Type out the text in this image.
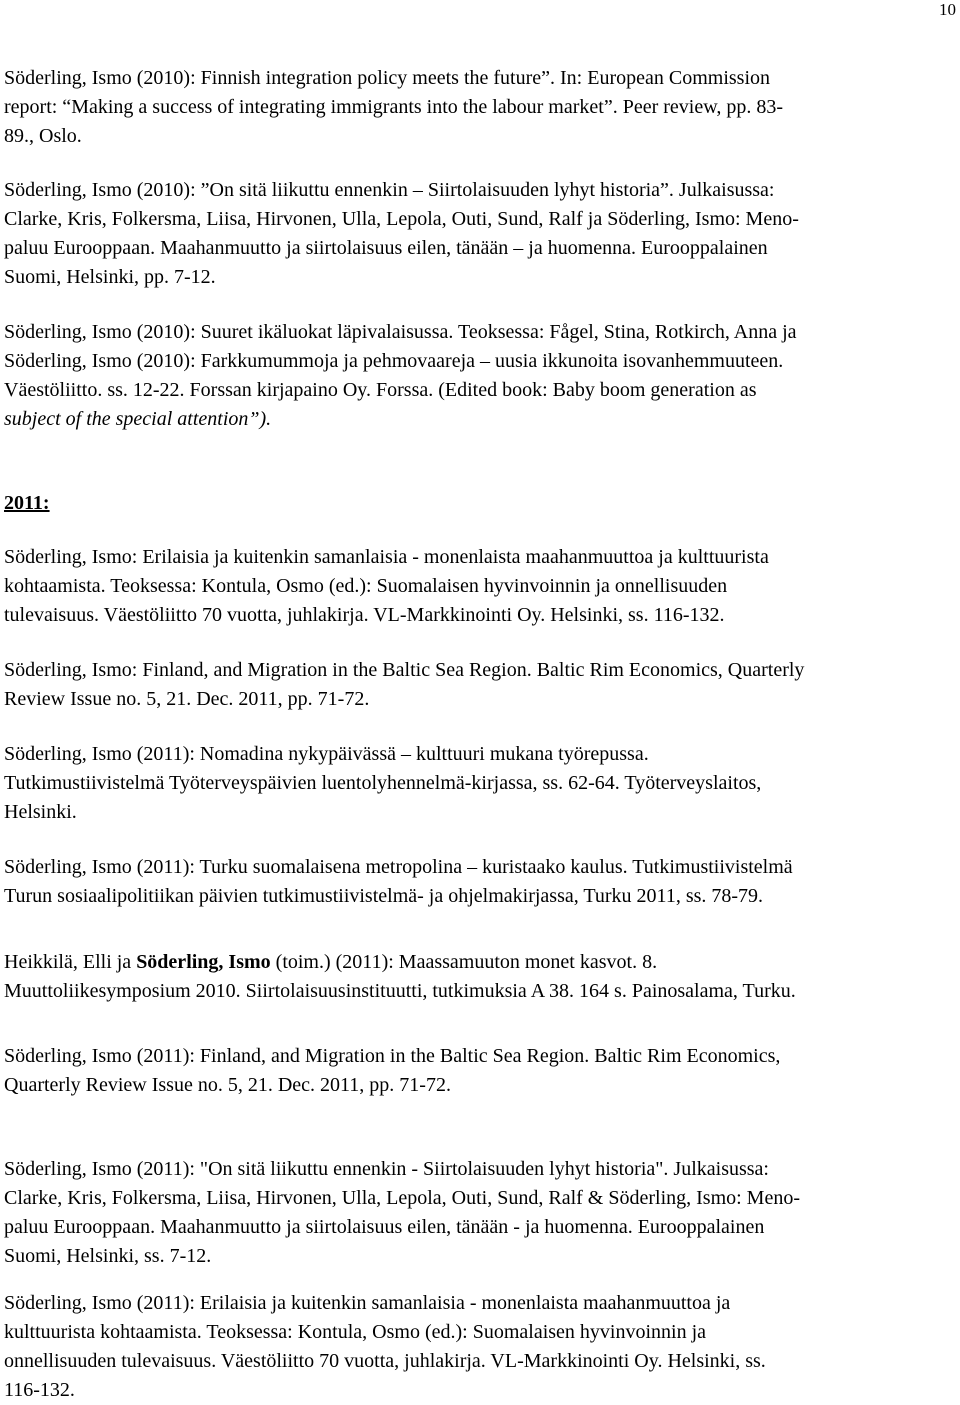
10

Söderling, Ismo (2010): Finnish integration policy meets the future”. In: European Commission
report: “Making a success of integrating immigrants into the labour market”. Peer review, pp. 83-
89., Oslo.

Söderling, Ismo (2010): ”On sitä liikuttu ennenkin – Siirtolaisuuden lyhyt historia”. Julkaisussa:
Clarke, Kris, Folkersma, Liisa, Hirvonen, Ulla, Lepola, Outi, Sund, Ralf ja Söderling, Ismo: Meno-
paluu Eurooppaan. Maahanmuutto ja siirtolaisuus eilen, tänään – ja huomenna. Eurooppalainen
Suomi, Helsinki, pp. 7-12.

Söderling, Ismo (2010): Suuret ikäluokat läpivalaisussa. Teoksessa: Fågel, Stina, Rotkirch, Anna ja
Söderling, Ismo (2010): Farkkumummoja ja pehmovaareja – uusia ikkunoita isovanhemmuuteen.
Väestöliitto. ss. 12-22. Forssan kirjapaino Oy. Forssa. (Edited book: Baby boom generation as
subject of the special attention”).

2011:

Söderling, Ismo: Erilaisia ja kuitenkin samanlaisia - monenlaista maahanmuuttoa ja kulttuurista
kohtaamista. Teoksessa: Kontula, Osmo (ed.): Suomalaisen hyvinvoinnin ja onnellisuuden
tulevaisuus. Väestöliitto 70 vuotta, juhlakirja. VL-Markkinointi Oy. Helsinki, ss. 116-132.

Söderling, Ismo: Finland, and Migration in the Baltic Sea Region. Baltic Rim Economics, Quarterly
Review Issue no. 5, 21. Dec. 2011, pp. 71-72.

Söderling, Ismo (2011): Nomadina nykypäivässä – kulttuuri mukana työrepussa.
Tutkimustiivistelmä Työterveyspäivien luentolyhennelmä-kirjassa, ss. 62-64. Työterveyslaitos,
Helsinki.

Söderling, Ismo (2011): Turku suomalaisena metropolina – kuristaako kaulus. Tutkimustiivistelmä
Turun sosiaalipolitiikan päivien tutkimustiivistelmä- ja ohjelmakirjassa, Turku 2011, ss. 78-79.

Heikkilä, Elli ja Söderling, Ismo (toim.) (2011): Maassamuuton monet kasvot. 8.
Muuttoliikesymposium 2010. Siirtolaisuusinstituutti, tutkimuksia A 38. 164 s. Painosalama, Turku.

Söderling, Ismo (2011): Finland, and Migration in the Baltic Sea Region. Baltic Rim Economics,
Quarterly Review Issue no. 5, 21. Dec. 2011, pp. 71-72.

Söderling, Ismo (2011): "On sitä liikuttu ennenkin - Siirtolaisuuden lyhyt historia". Julkaisussa:
Clarke, Kris, Folkersma, Liisa, Hirvonen, Ulla, Lepola, Outi, Sund, Ralf & Söderling, Ismo: Meno-
paluu Eurooppaan. Maahanmuutto ja siirtolaisuus eilen, tänään - ja huomenna. Eurooppalainen
Suomi, Helsinki, ss. 7-12.

Söderling, Ismo (2011): Erilaisia ja kuitenkin samanlaisia - monenlaista maahanmuuttoa ja
kulttuurista kohtaamista. Teoksessa: Kontula, Osmo (ed.): Suomalaisen hyvinvoinnin ja
onnellisuuden tulevaisuus. Väestöliitto 70 vuotta, juhlakirja. VL-Markkinointi Oy. Helsinki, ss.
116-132.
